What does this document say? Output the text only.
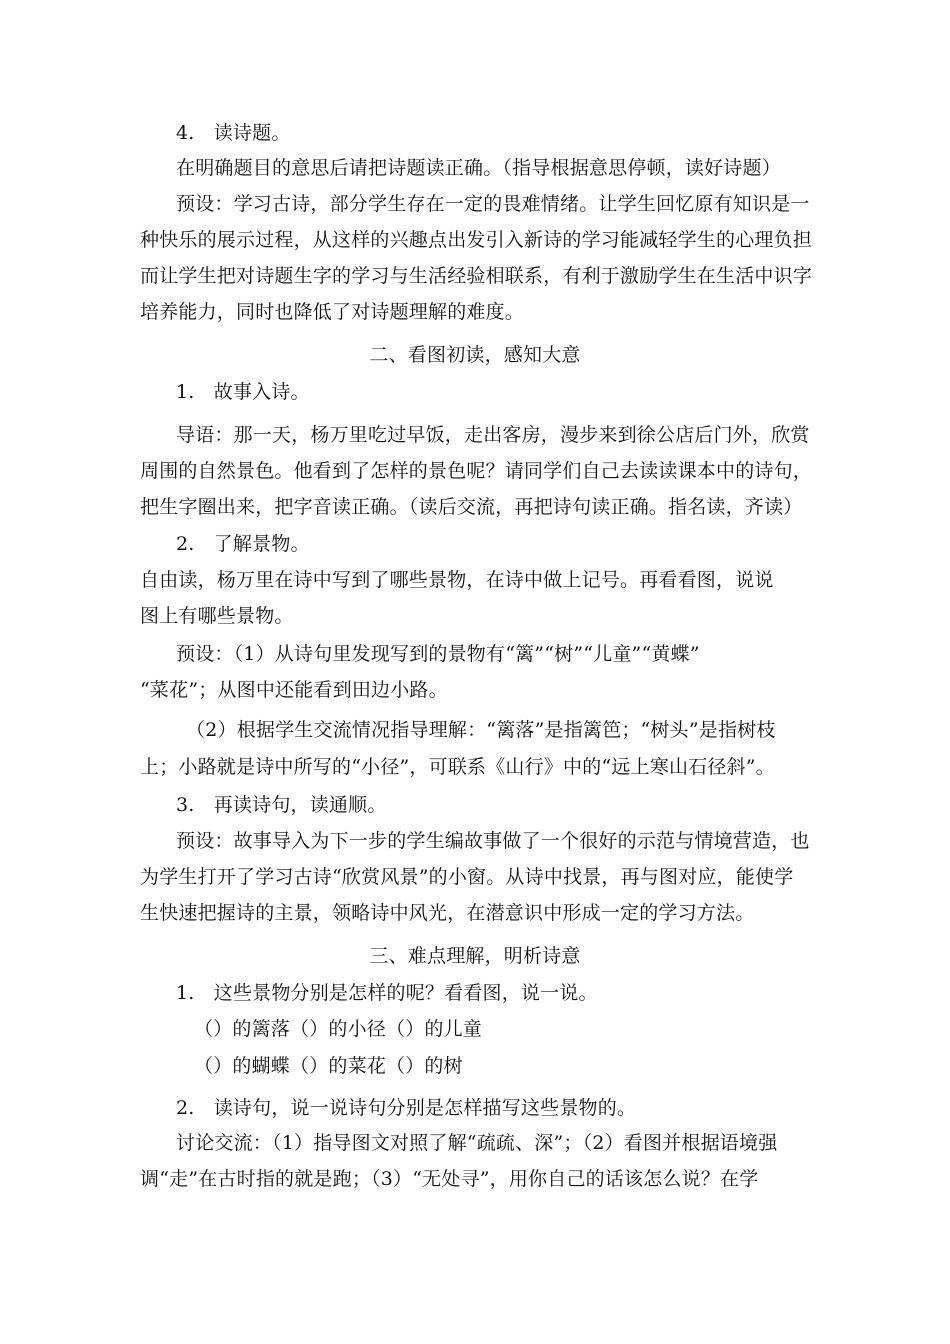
4.　读诗题。
在明确题目的意思后请把诗题读正确。（指导根据意思停顿，读好诗题）
预设：学习古诗，部分学生存在一定的畏难情绪。让学生回忆原有知识是一
种快乐的展示过程，从这样的兴趣点出发引入新诗的学习能减轻学生的心理负担
而让学生把对诗题生字的学习与生活经验相联系，有利于激励学生在生活中识字
培养能力，同时也降低了对诗题理解的难度。
二、看图初读，感知大意
1.　故事入诗。
导语：那一天，杨万里吃过早饭，走出客房，漫步来到徐公店后门外，欣赏
周围的自然景色。他看到了怎样的景色呢？请同学们自己去读读课本中的诗句，
把生字圈出来，把字音读正确。（读后交流，再把诗句读正确。指名读，齐读）
2.　了解景物。
自由读，杨万里在诗中写到了哪些景物，在诗中做上记号。再看看图，说说
图上有哪些景物。
预设：（1）从诗句里发现写到的景物有“篱”“树”“儿童”“黄蝶”
“菜花”；从图中还能看到田边小路。
（2）根据学生交流情况指导理解：“篱落”是指篱笆；“树头”是指树枝
上；小路就是诗中所写的“小径”，可联系《山行》中的“远上寒山石径斜”。
3.　再读诗句，读通顺。
预设：故事导入为下一步的学生编故事做了一个很好的示范与情境营造，也
为学生打开了学习古诗“欣赏风景”的小窗。从诗中找景，再与图对应，能使学
生快速把握诗的主景，领略诗中风光，在潜意识中形成一定的学习方法。
三、难点理解，明析诗意
1.　这些景物分别是怎样的呢？看看图，说一说。
（）的篱落（）的小径（）的儿童
（）的蝴蝶（）的菜花（）的树
2.　读诗句，说一说诗句分别是怎样描写这些景物的。
讨论交流：（1）指导图文对照了解“疏疏、深”；（2）看图并根据语境强
调“走”在古时指的就是跑；（3）“无处寻”，用你自己的话该怎么说？在学
